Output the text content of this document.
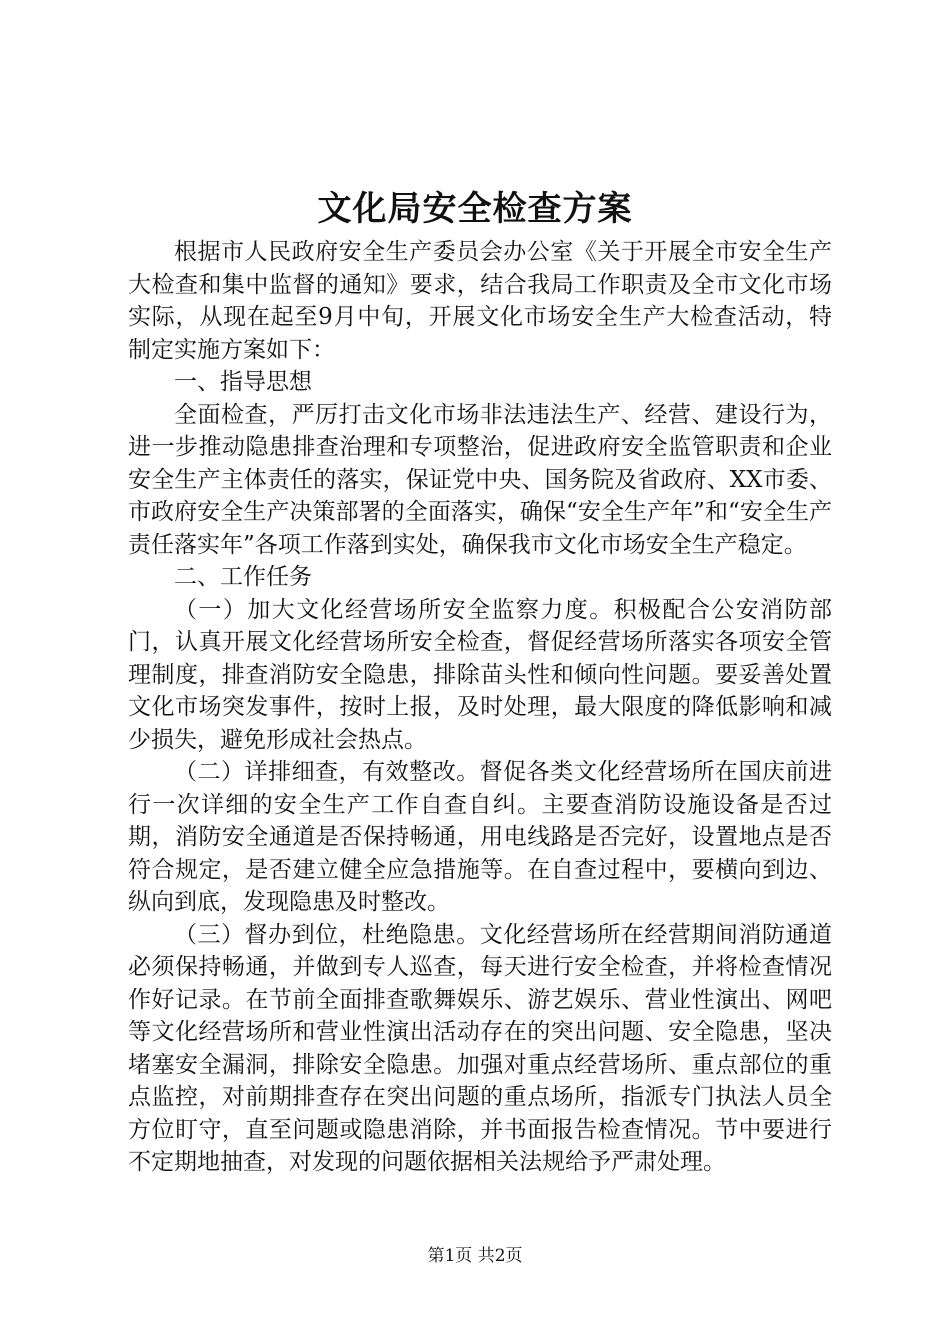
文化局安全检查方案

根据市人民政府安全生产委员会办公室《关于开展全市安全生产大检查和集中监督的通知》要求，结合我局工作职责及全市文化市场实际，从现在起至9月中旬，开展文化市场安全生产大检查活动，特制定实施方案如下：

一、指导思想

全面检查，严厉打击文化市场非法违法生产、经营、建设行为，进一步推动隐患排查治理和专项整治，促进政府安全监管职责和企业安全生产主体责任的落实，保证党中央、国务院及省政府、XX市委、市政府安全生产决策部署的全面落实，确保“安全生产年”和“安全生产责任落实年”各项工作落到实处，确保我市文化市场安全生产稳定。

二、工作任务

（一）加大文化经营场所安全监察力度。积极配合公安消防部门，认真开展文化经营场所安全检查，督促经营场所落实各项安全管理制度，排查消防安全隐患，排除苗头性和倾向性问题。要妥善处置文化市场突发事件，按时上报，及时处理，最大限度的降低影响和减少损失，避免形成社会热点。

（二）详排细查，有效整改。督促各类文化经营场所在国庆前进行一次详细的安全生产工作自查自纠。主要查消防设施设备是否过期，消防安全通道是否保持畅通，用电线路是否完好，设置地点是否符合规定，是否建立健全应急措施等。在自查过程中，要横向到边、纵向到底，发现隐患及时整改。

（三）督办到位，杜绝隐患。文化经营场所在经营期间消防通道必须保持畅通，并做到专人巡查，每天进行安全检查，并将检查情况作好记录。在节前全面排查歌舞娱乐、游艺娱乐、营业性演出、网吧等文化经营场所和营业性演出活动存在的突出问题、安全隐患，坚决堵塞安全漏洞，排除安全隐患。加强对重点经营场所、重点部位的重点监控，对前期排查存在突出问题的重点场所，指派专门执法人员全方位盯守，直至问题或隐患消除，并书面报告检查情况。节中要进行不定期地抽查，对发现的问题依据相关法规给予严肃处理。

第1页 共2页
